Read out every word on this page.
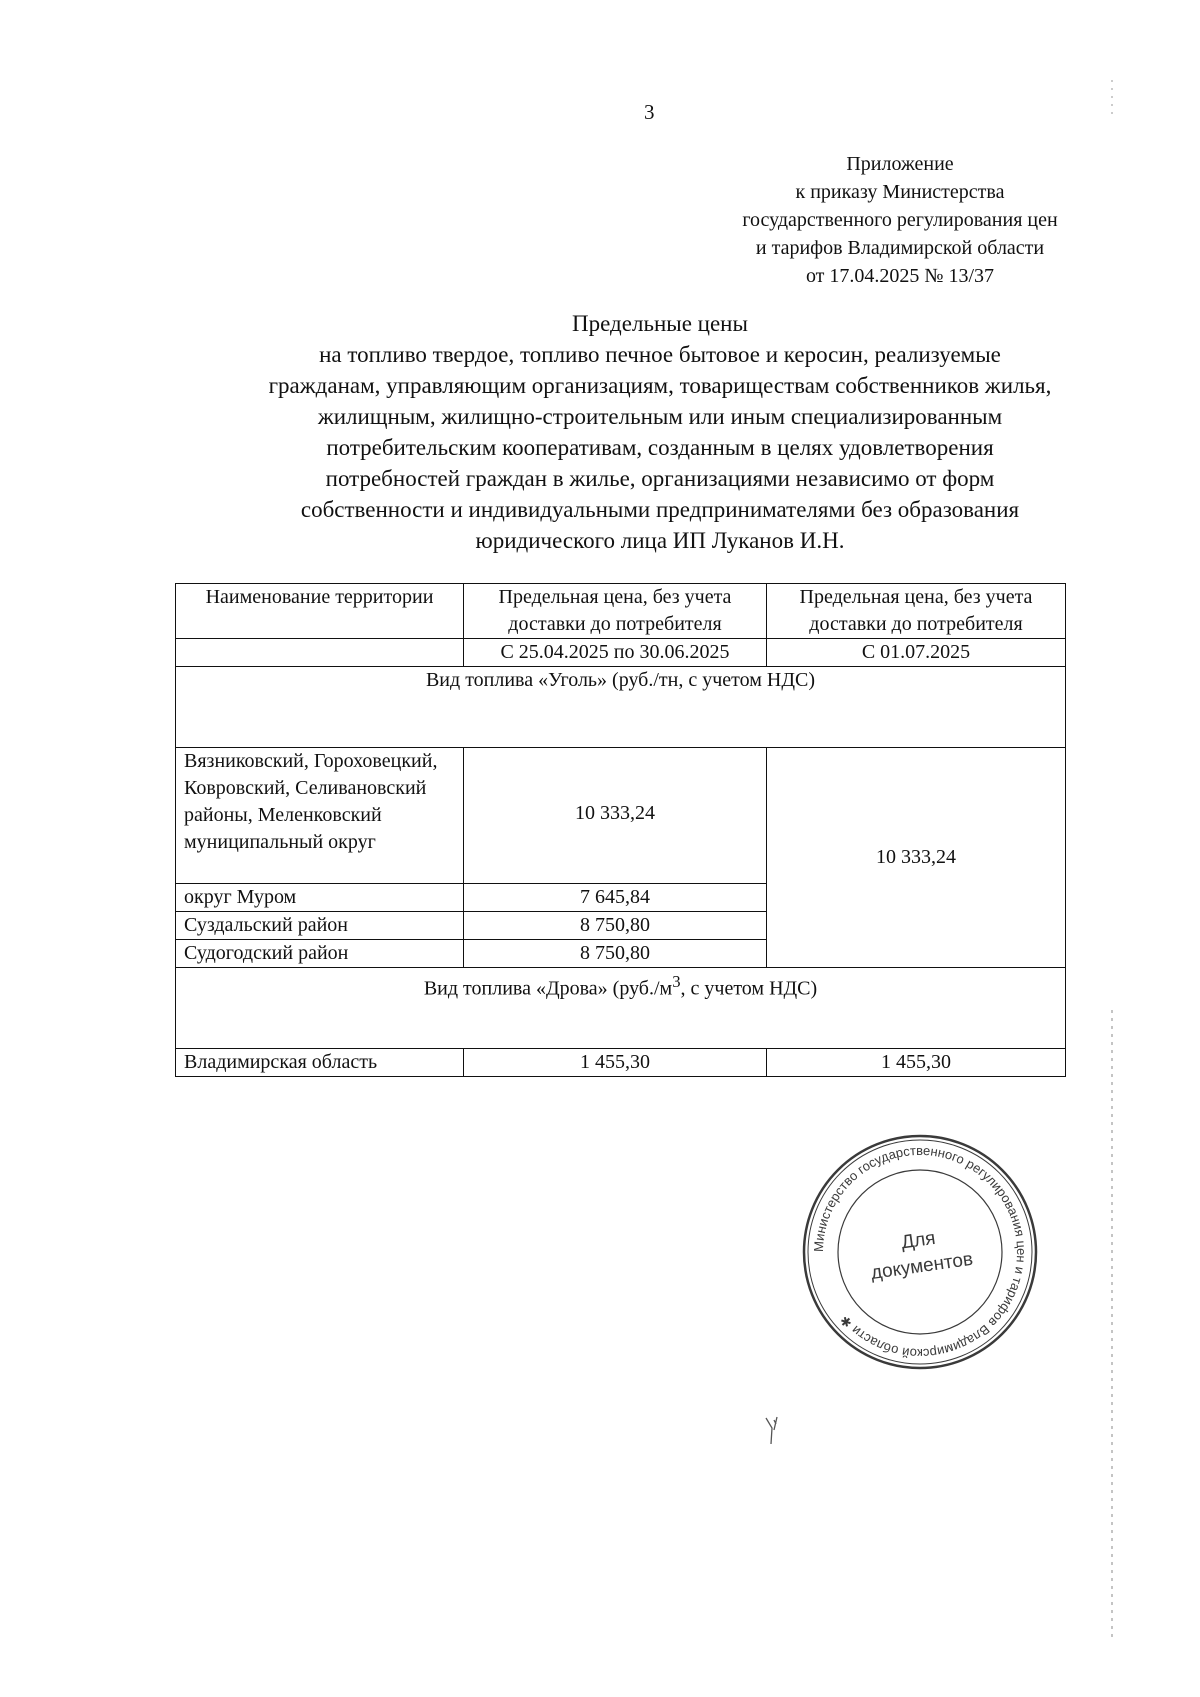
3
Приложение
к приказу Министерства
государственного регулирования цен
и тарифов Владимирской области
от 17.04.2025 № 13/37
Предельные цены
на топливо твердое, топливо печное бытовое и керосин, реализуемые
гражданам, управляющим организациям, товариществам собственников жилья,
жилищным, жилищно-строительным или иным специализированным
потребительским кооперативам, созданным в целях удовлетворения
потребностей граждан в жилье, организациями независимо от форм
собственности и индивидуальными предпринимателями без образования
юридического лица ИП Луканов И.Н.
Наименование территории	Предельная цена, без учета доставки до потребителя	Предельная цена, без учета доставки до потребителя
	С 25.04.2025 по 30.06.2025	С 01.07.2025
Вид топлива «Уголь» (руб./тн, с учетом НДС)		
Вязниковский, Гороховецкий, Ковровский, Селивановский районы, Меленковский муниципальный округ	10 333,24	10 333,24
округ Муром	7 645,84	
Суздальский район	8 750,80	
Судогодский район	8 750,80	
Вид топлива «Дрова» ($руб./м^3$, с учетом НДС)		
Владимирская область	1 455,30	1 455,30
Министерство государственного регулирования цен и тарифов Владимирской области ✱
Для
документов
